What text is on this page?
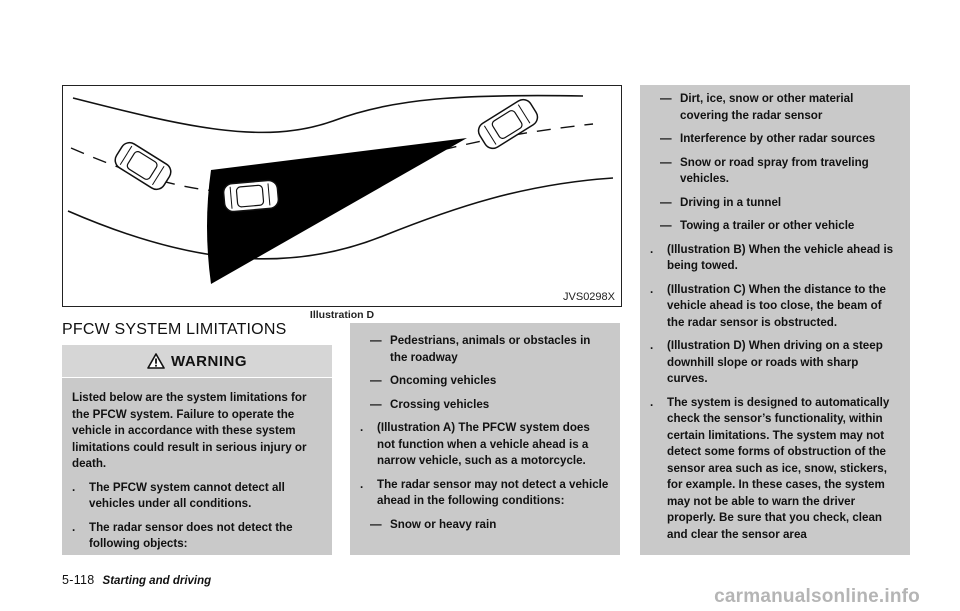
JVS0298X
Illustration D
PFCW SYSTEM LIMITATIONS
WARNING

Listed below are the system limitations for the PFCW system. Failure to operate the vehicle in accordance with these system limitations could result in serious injury or death.

. The PFCW system cannot detect all vehicles under all conditions.
. The radar sensor does not detect the following objects:
— Pedestrians, animals or obstacles in the roadway
— Oncoming vehicles
— Crossing vehicles
. (Illustration A) The PFCW system does not function when a vehicle ahead is a narrow vehicle, such as a motorcycle.
. The radar sensor may not detect a vehicle ahead in the following conditions:
— Snow or heavy rain
— Dirt, ice, snow or other material covering the radar sensor
— Interference by other radar sources
— Snow or road spray from traveling vehicles.
— Driving in a tunnel
— Towing a trailer or other vehicle
. (Illustration B) When the vehicle ahead is being towed.
. (Illustration C) When the distance to the vehicle ahead is too close, the beam of the radar sensor is obstructed.
. (Illustration D) When driving on a steep downhill slope or roads with sharp curves.
. The system is designed to automatically check the sensor’s functionality, within certain limitations. The system may not detect some forms of obstruction of the sensor area such as ice, snow, stickers, for example. In these cases, the system may not be able to warn the driver properly. Be sure that you check, clean and clear the sensor area
5-118 Starting and driving
carmanualsonline.info
